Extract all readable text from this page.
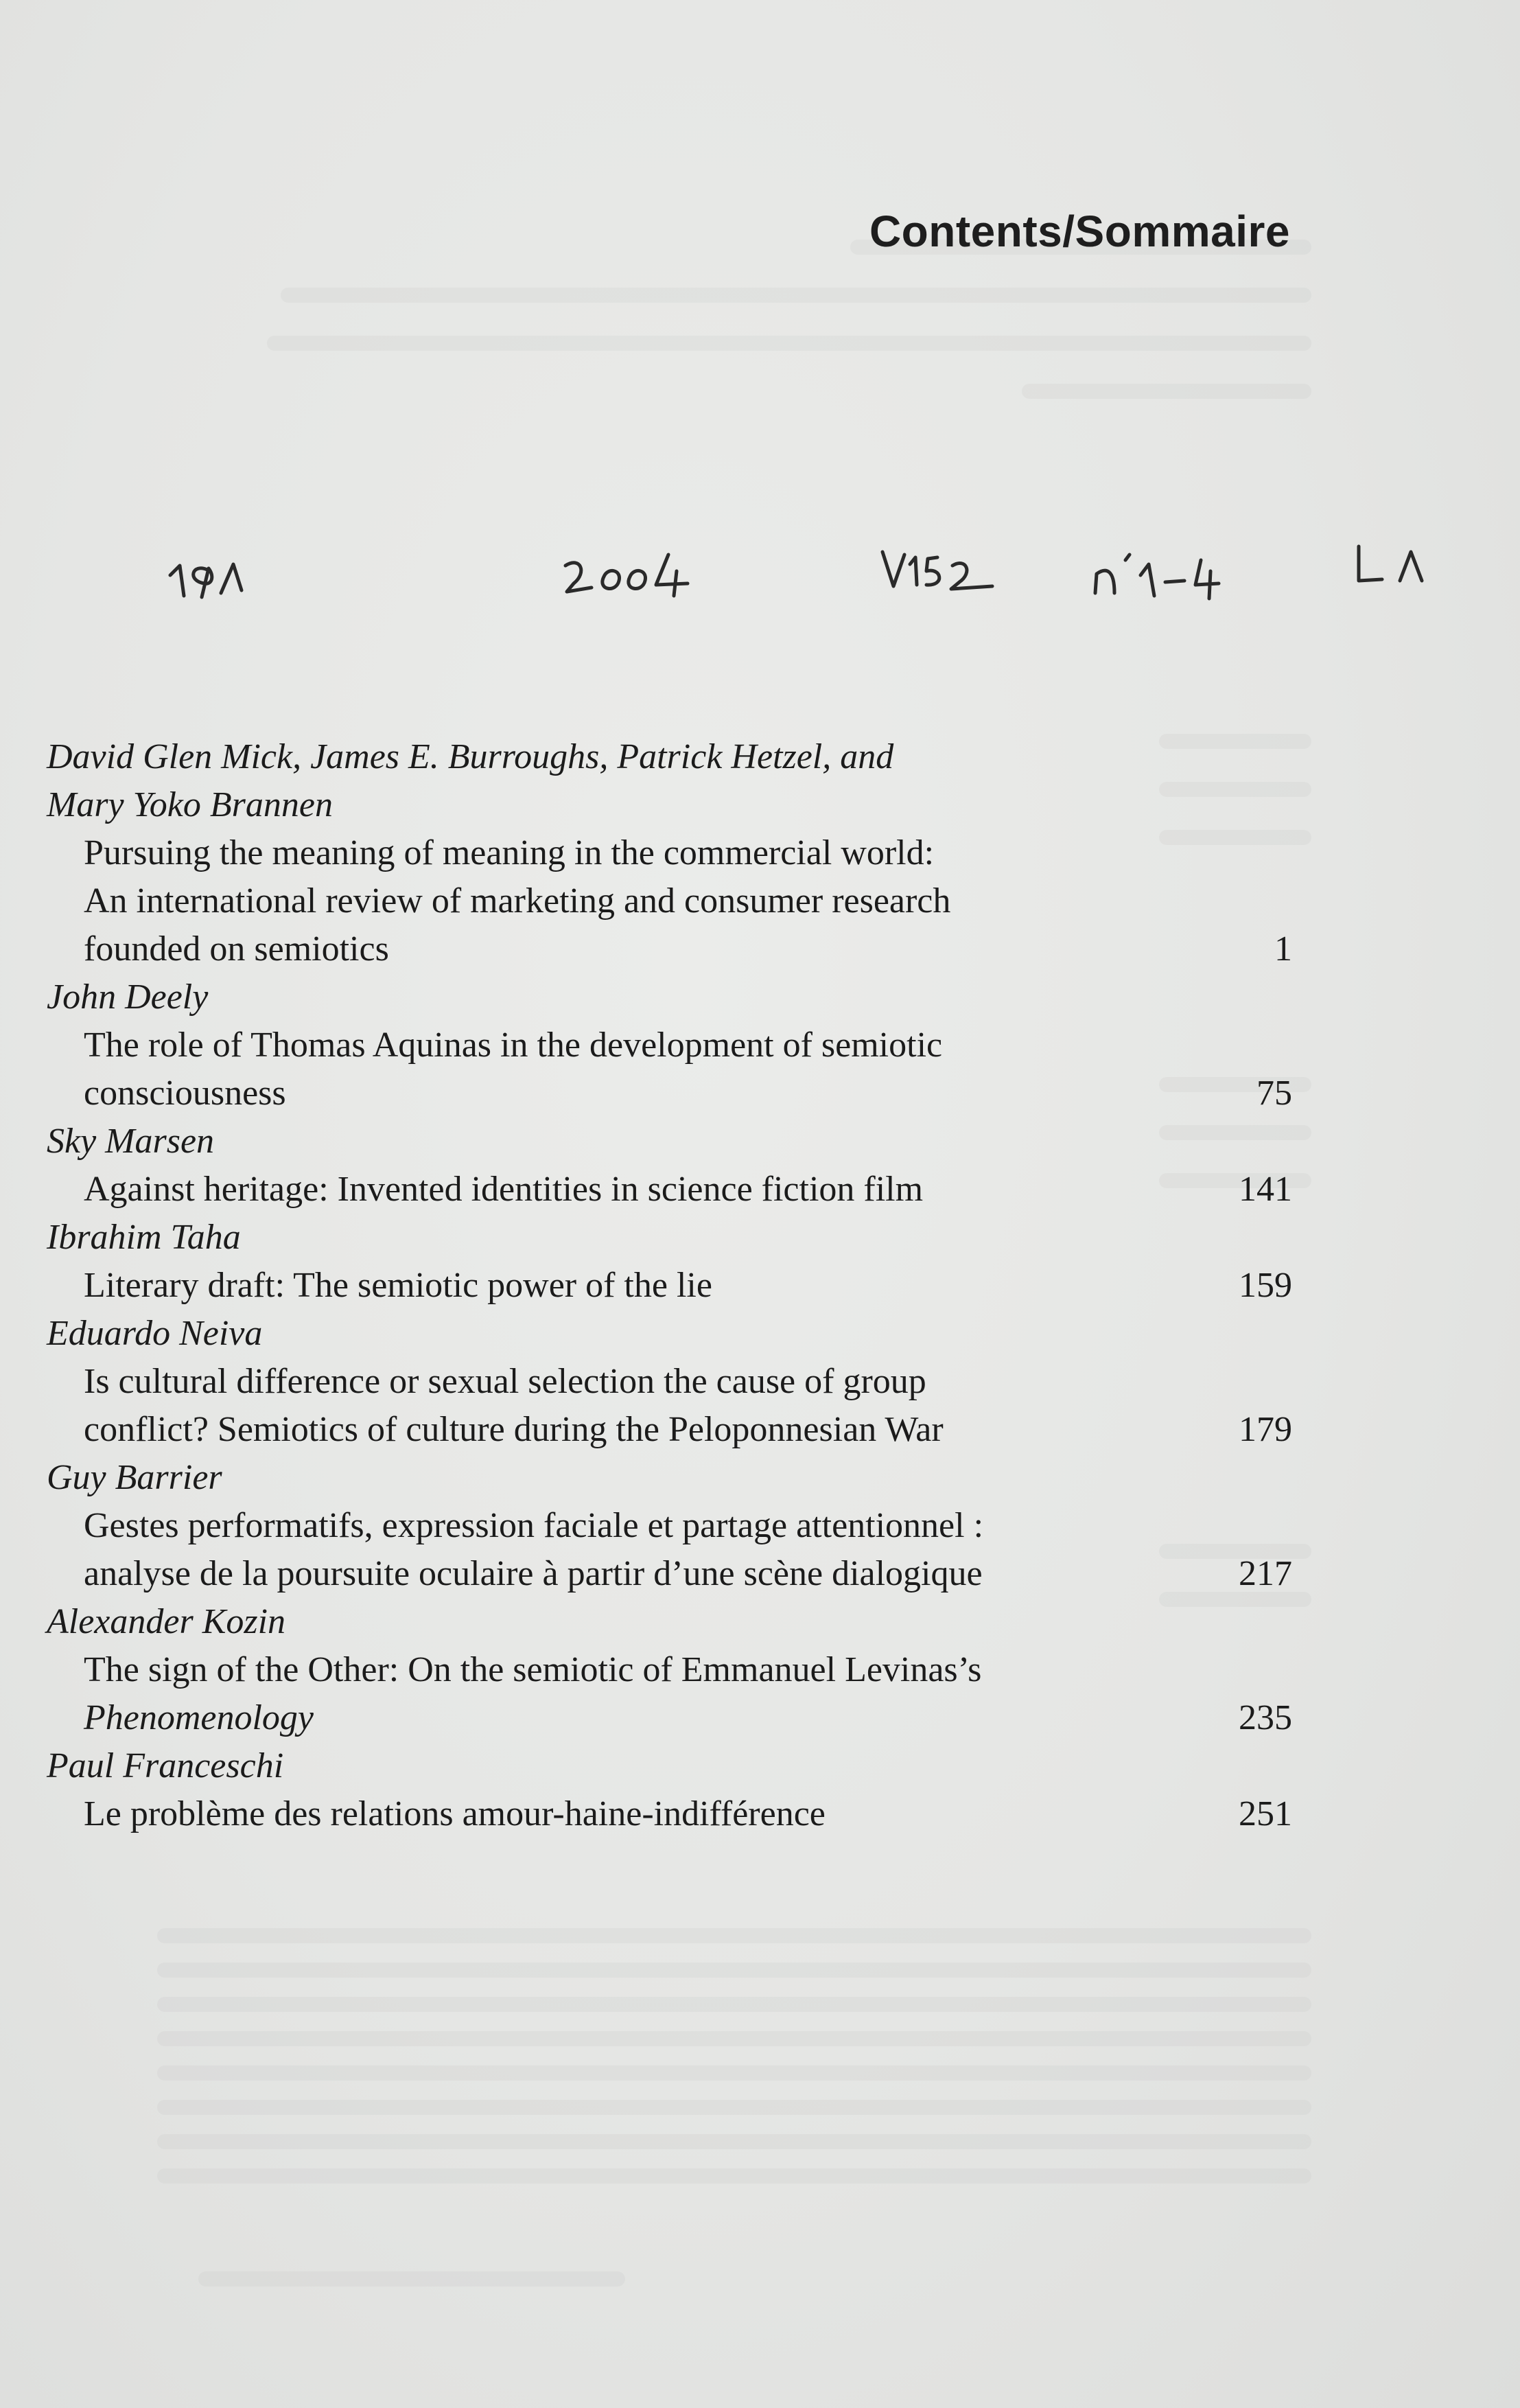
Contents/Sommaire
David Glen Mick, James E. Burroughs, Patrick Hetzel, and
Mary Yoko Brannen
Pursuing the meaning of meaning in the commercial world:
An international review of marketing and consumer research
founded on semiotics	1
John Deely
The role of Thomas Aquinas in the development of semiotic
consciousness	75
Sky Marsen
Against heritage: Invented identities in science fiction film	141
Ibrahim Taha
Literary draft: The semiotic power of the lie	159
Eduardo Neiva
Is cultural difference or sexual selection the cause of group
conflict? Semiotics of culture during the Peloponnesian War	179
Guy Barrier
Gestes performatifs, expression faciale et partage attentionnel :
analyse de la poursuite oculaire à partir d’une scène dialogique	217
Alexander Kozin
The sign of the Other: On the semiotic of Emmanuel Levinas’s
Phenomenology	235
Paul Franceschi
Le problème des relations amour-haine-indifférence	251
